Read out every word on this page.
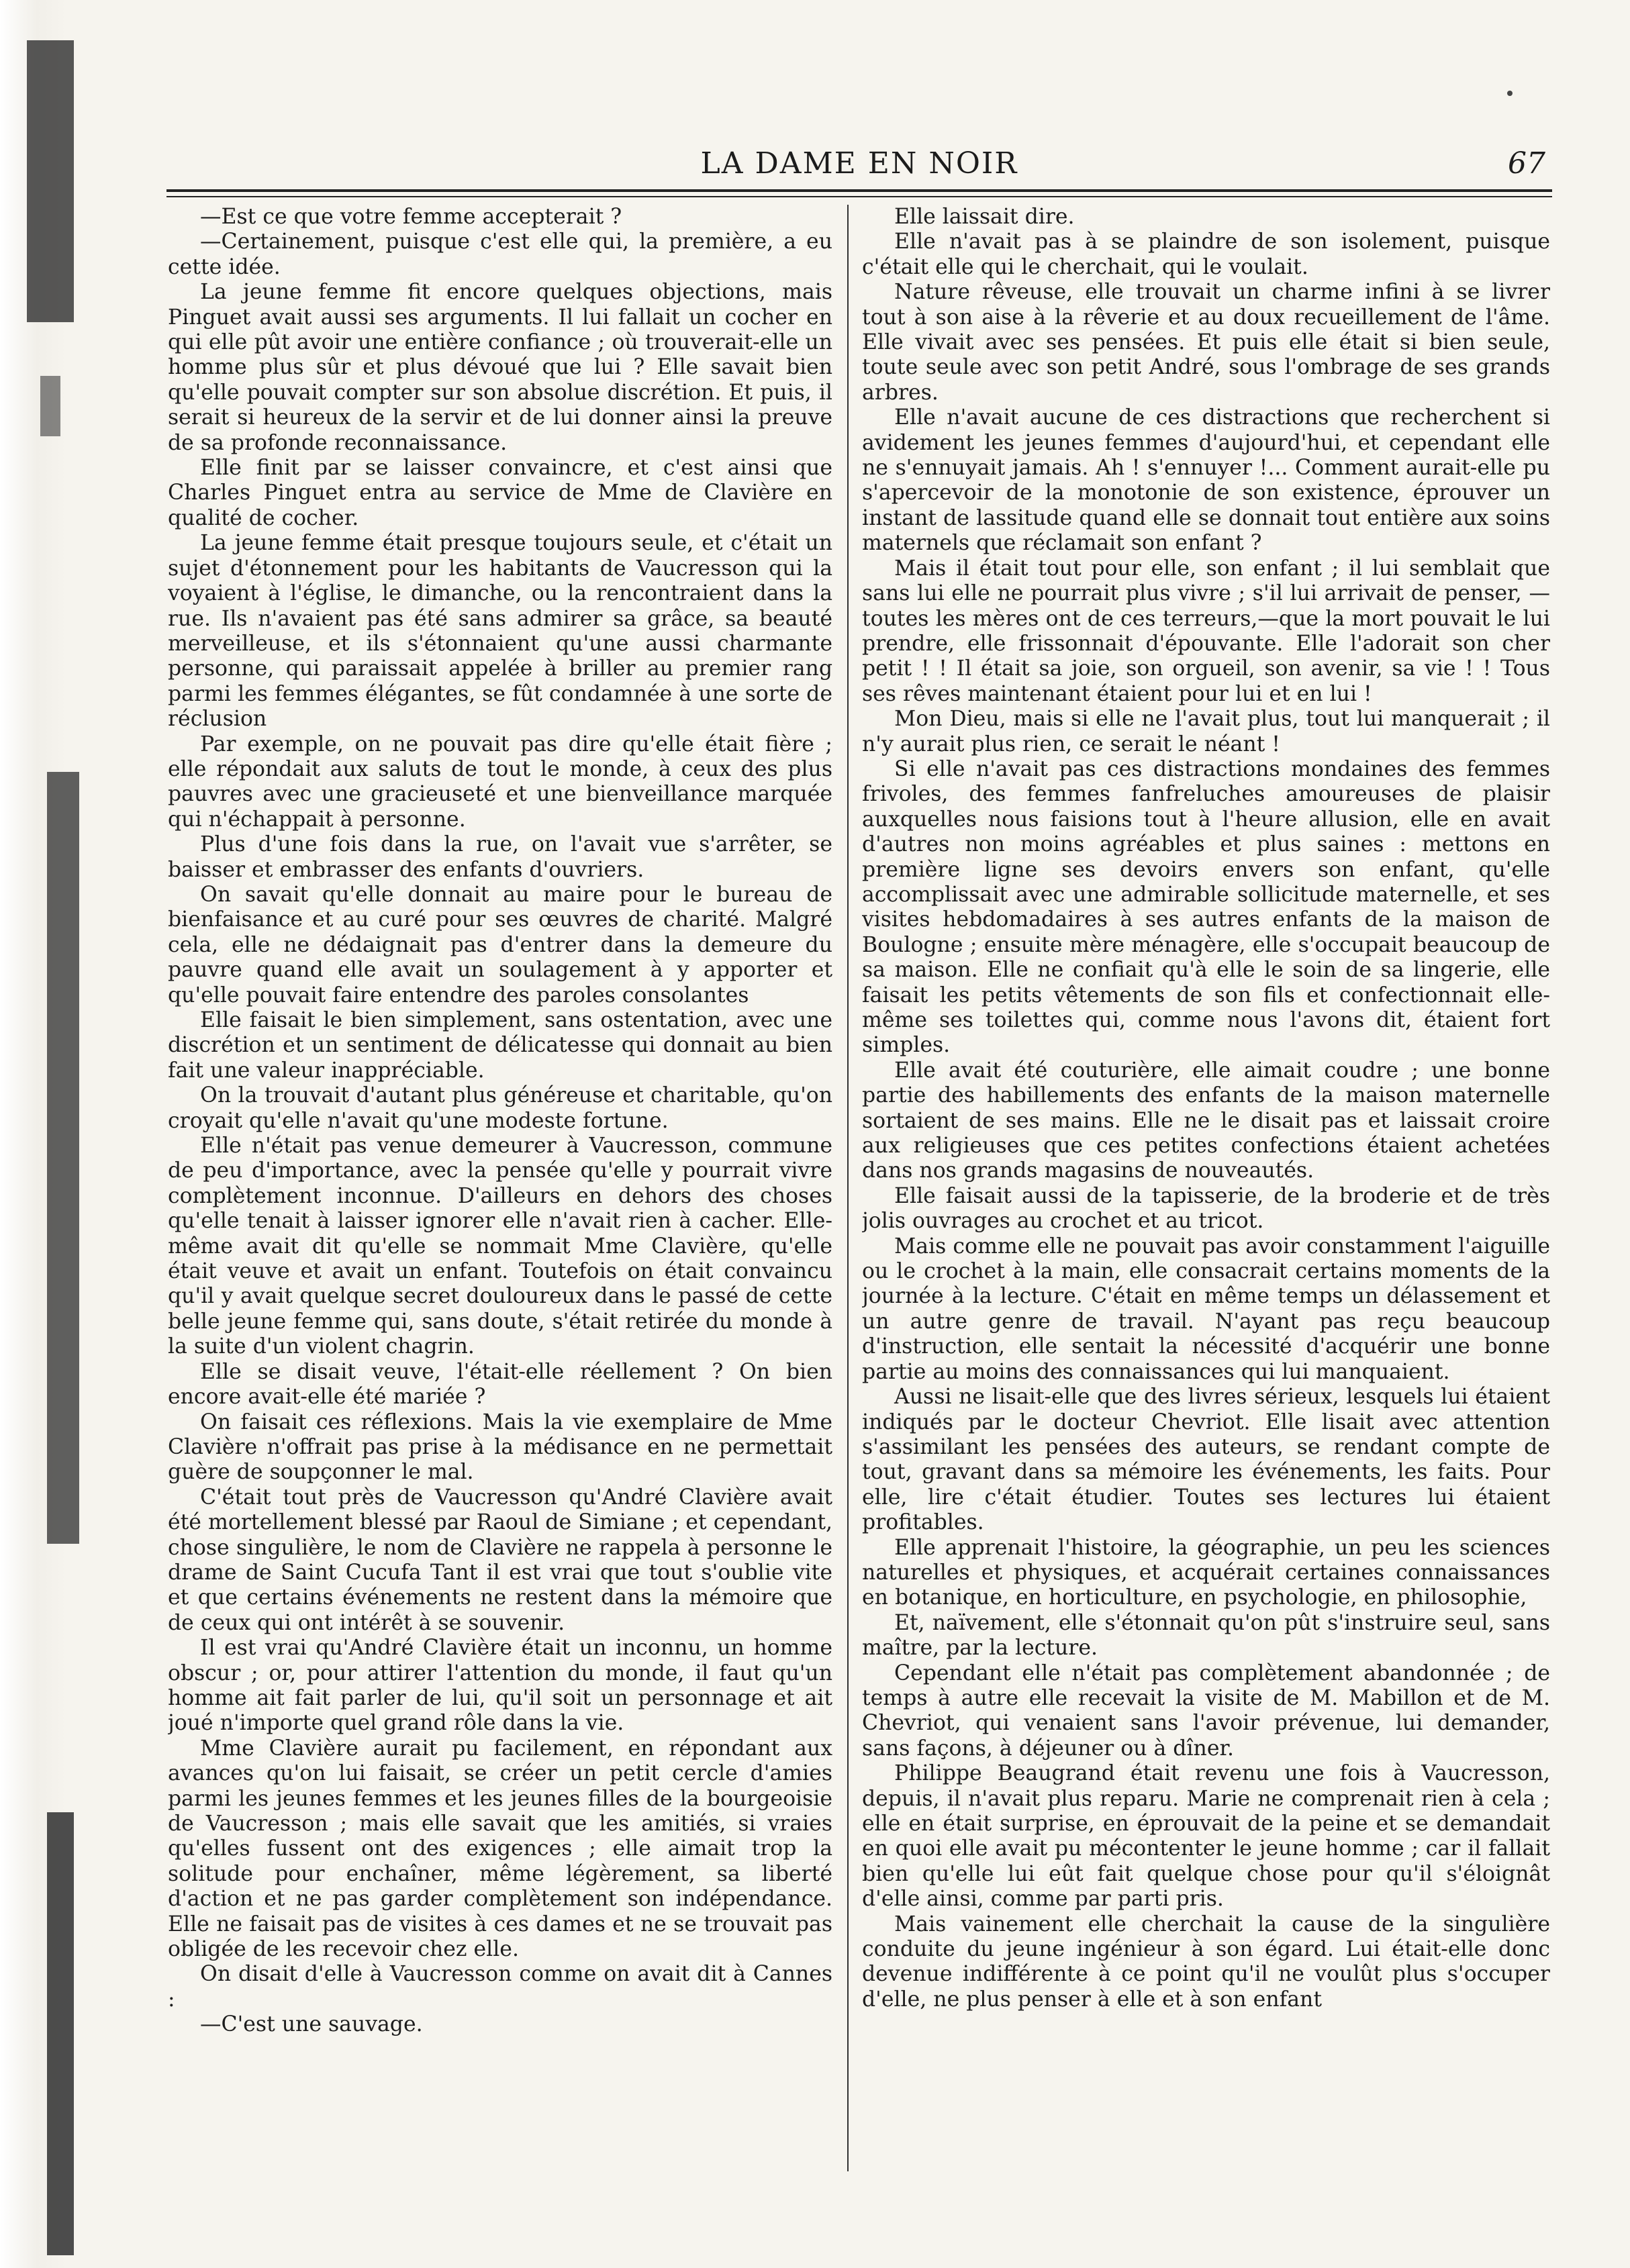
LA DAME EN NOIR	67

—Est ce que votre femme accepterait ?

—Certainement, puisque c'est elle qui, la première, a eu cette idée.

La jeune femme fit encore quelques objections, mais Pinguet avait aussi ses arguments. Il lui fallait un cocher en qui elle pût avoir une entière confiance ; où trouverait-elle un homme plus sûr et plus dévoué que lui ? Elle savait bien qu'elle pouvait compter sur son absolue discrétion. Et puis, il serait si heureux de la servir et de lui donner ainsi la preuve de sa profonde reconnaissance.

Elle finit par se laisser convaincre, et c'est ainsi que Charles Pinguet entra au service de Mme de Clavière en qualité de cocher.

La jeune femme était presque toujours seule, et c'était un sujet d'étonnement pour les habitants de Vaucresson qui la voyaient à l'église, le dimanche, ou la rencontraient dans la rue. Ils n'avaient pas été sans admirer sa grâce, sa beauté merveilleuse, et ils s'étonnaient qu'une aussi charmante personne, qui paraissait appelée à briller au premier rang parmi les femmes élégantes, se fût condamnée à une sorte de réclusion

Par exemple, on ne pouvait pas dire qu'elle était fière ; elle répondait aux saluts de tout le monde, à ceux des plus pauvres avec une gracieuseté et une bienveillance marquée qui n'échappait à personne.

Plus d'une fois dans la rue, on l'avait vue s'arrêter, se baisser et embrasser des enfants d'ouvriers.

On savait qu'elle donnait au maire pour le bureau de bienfaisance et au curé pour ses œuvres de charité. Malgré cela, elle ne dédaignait pas d'entrer dans la demeure du pauvre quand elle avait un soulagement à y apporter et qu'elle pouvait faire entendre des paroles consolantes

Elle faisait le bien simplement, sans ostentation, avec une discrétion et un sentiment de délicatesse qui donnait au bien fait une valeur inappréciable.

On la trouvait d'autant plus généreuse et charitable, qu'on croyait qu'elle n'avait qu'une modeste fortune.

Elle n'était pas venue demeurer à Vaucresson, commune de peu d'importance, avec la pensée qu'elle y pourrait vivre complètement inconnue. D'ailleurs en dehors des choses qu'elle tenait à laisser ignorer elle n'avait rien à cacher. Elle-même avait dit qu'elle se nommait Mme Clavière, qu'elle était veuve et avait un enfant. Toutefois on était convaincu qu'il y avait quelque secret douloureux dans le passé de cette belle jeune femme qui, sans doute, s'était retirée du monde à la suite d'un violent chagrin.

Elle se disait veuve, l'était-elle réellement ? On bien encore avait-elle été mariée ?

On faisait ces réflexions. Mais la vie exemplaire de Mme Clavière n'offrait pas prise à la médisance en ne permettait guère de soupçonner le mal.

C'était tout près de Vaucresson qu'André Clavière avait été mortellement blessé par Raoul de Simiane ; et cependant, chose singulière, le nom de Clavière ne rappela à personne le drame de Saint Cucufa Tant il est vrai que tout s'oublie vite et que certains événements ne restent dans la mémoire que de ceux qui ont intérêt à se souvenir.

Il est vrai qu'André Clavière était un inconnu, un homme obscur ; or, pour attirer l'attention du monde, il faut qu'un homme ait fait parler de lui, qu'il soit un personnage et ait joué n'importe quel grand rôle dans la vie.

Mme Clavière aurait pu facilement, en répondant aux avances qu'on lui faisait, se créer un petit cercle d'amies parmi les jeunes femmes et les jeunes filles de la bourgeoisie de Vaucresson ; mais elle savait que les amitiés, si vraies qu'elles fussent ont des exigences ; elle aimait trop la solitude pour enchaîner, même légèrement, sa liberté d'action et ne pas garder complètement son indépendance. Elle ne faisait pas de visites à ces dames et ne se trouvait pas obligée de les recevoir chez elle.

On disait d'elle à Vaucresson comme on avait dit à Cannes :

—C'est une sauvage.

Elle laissait dire.

Elle n'avait pas à se plaindre de son isolement, puisque c'était elle qui le cherchait, qui le voulait.

Nature rêveuse, elle trouvait un charme infini à se livrer tout à son aise à la rêverie et au doux recueillement de l'âme. Elle vivait avec ses pensées. Et puis elle était si bien seule, toute seule avec son petit André, sous l'ombrage de ses grands arbres.

Elle n'avait aucune de ces distractions que recherchent si avidement les jeunes femmes d'aujourd'hui, et cependant elle ne s'ennuyait jamais. Ah ! s'ennuyer !... Comment aurait-elle pu s'apercevoir de la monotonie de son existence, éprouver un instant de lassitude quand elle se donnait tout entière aux soins maternels que réclamait son enfant ?

Mais il était tout pour elle, son enfant ; il lui semblait que sans lui elle ne pourrait plus vivre ; s'il lui arrivait de penser, —toutes les mères ont de ces terreurs,—que la mort pouvait le lui prendre, elle frissonnait d'épouvante. Elle l'adorait son cher petit ! ! Il était sa joie, son orgueil, son avenir, sa vie ! ! Tous ses rêves maintenant étaient pour lui et en lui !

Mon Dieu, mais si elle ne l'avait plus, tout lui manquerait ; il n'y aurait plus rien, ce serait le néant !

Si elle n'avait pas ces distractions mondaines des femmes frivoles, des femmes fanfreluches amoureuses de plaisir auxquelles nous faisions tout à l'heure allusion, elle en avait d'autres non moins agréables et plus saines : mettons en première ligne ses devoirs envers son enfant, qu'elle accomplissait avec une admirable sollicitude maternelle, et ses visites hebdomadaires à ses autres enfants de la maison de Boulogne ; ensuite mère ménagère, elle s'occupait beaucoup de sa maison. Elle ne confiait qu'à elle le soin de sa lingerie, elle faisait les petits vêtements de son fils et confectionnait elle-même ses toilettes qui, comme nous l'avons dit, étaient fort simples.

Elle avait été couturière, elle aimait coudre ; une bonne partie des habillements des enfants de la maison maternelle sortaient de ses mains. Elle ne le disait pas et laissait croire aux religieuses que ces petites confections étaient achetées dans nos grands magasins de nouveautés.

Elle faisait aussi de la tapisserie, de la broderie et de très jolis ouvrages au crochet et au tricot.

Mais comme elle ne pouvait pas avoir constamment l'aiguille ou le crochet à la main, elle consacrait certains moments de la journée à la lecture. C'était en même temps un délassement et un autre genre de travail. N'ayant pas reçu beaucoup d'instruction, elle sentait la nécessité d'acquérir une bonne partie au moins des connaissances qui lui manquaient.

Aussi ne lisait-elle que des livres sérieux, lesquels lui étaient indiqués par le docteur Chevriot. Elle lisait avec attention s'assimilant les pensées des auteurs, se rendant compte de tout, gravant dans sa mémoire les événements, les faits. Pour elle, lire c'était étudier. Toutes ses lectures lui étaient profitables.

Elle apprenait l'histoire, la géographie, un peu les sciences naturelles et physiques, et acquérait certaines connaissances en botanique, en horticulture, en psychologie, en philosophie,

Et, naïvement, elle s'étonnait qu'on pût s'instruire seul, sans maître, par la lecture.

Cependant elle n'était pas complètement abandonnée ; de temps à autre elle recevait la visite de M. Mabillon et de M. Chevriot, qui venaient sans l'avoir prévenue, lui demander, sans façons, à déjeuner ou à dîner.

Philippe Beaugrand était revenu une fois à Vaucresson, depuis, il n'avait plus reparu. Marie ne comprenait rien à cela ; elle en était surprise, en éprouvait de la peine et se demandait en quoi elle avait pu mécontenter le jeune homme ; car il fallait bien qu'elle lui eût fait quelque chose pour qu'il s'éloignât d'elle ainsi, comme par parti pris.

Mais vainement elle cherchait la cause de la singulière conduite du jeune ingénieur à son égard. Lui était-elle donc devenue indifférente à ce point qu'il ne voulût plus s'occuper d'elle, ne plus penser à elle et à son enfant
